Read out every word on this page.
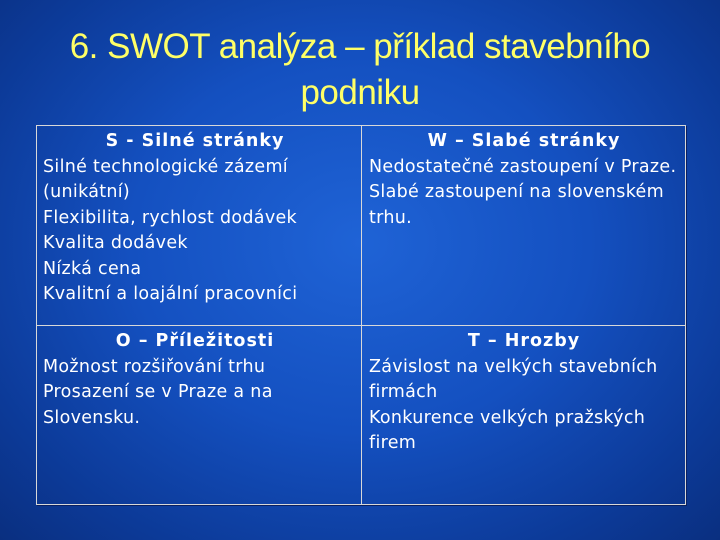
6. SWOT analýza – příklad stavebního
podniku
S - Silné stránky
Silné technologické zázemí (unikátní)
Flexibilita, rychlost dodávek
Kvalita dodávek
Nízká cena
Kvalitní a loajální pracovníci
W – Slabé stránky
Nedostatečné zastoupení v Praze.
Slabé zastoupení na slovenském trhu.
O – Příležitosti
Možnost rozšiřování trhu
Prosazení se v Praze a na Slovensku.
T – Hrozby
Závislost na velkých stavebních firmách
Konkurence velkých pražských firem
